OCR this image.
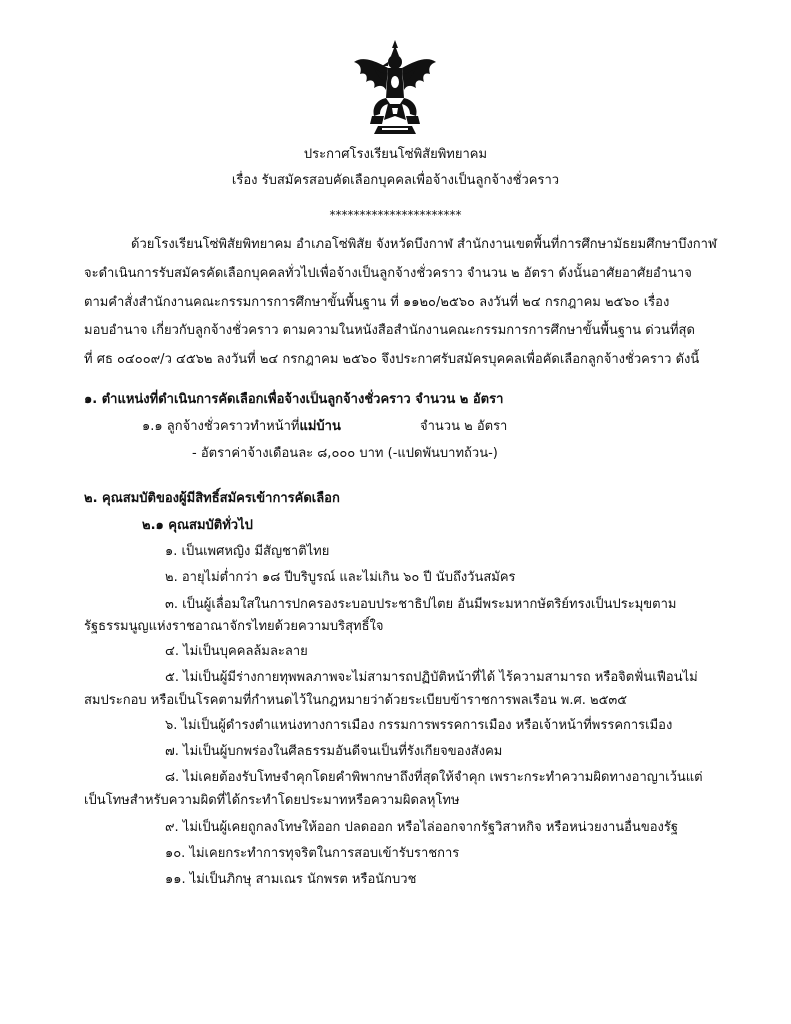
ประกาศโรงเรียนโซ่พิสัยพิทยาคม
เรื่อง รับสมัครสอบคัดเลือกบุคคลเพื่อจ้างเป็นลูกจ้างชั่วคราว
**********************
ด้วยโรงเรียนโซ่พิสัยพิทยาคม อำเภอโซ่พิสัย จังหวัดบึงกาฬ สำนักงานเขตพื้นที่การศึกษามัธยมศึกษาบึงกาฬ
จะดำเนินการรับสมัครคัดเลือกบุคคลทั่วไปเพื่อจ้างเป็นลูกจ้างชั่วคราว จำนวน ๒ อัตรา ดังนั้นอาศัยอาศัยอำนาจ
ตามคำสั่งสำนักงานคณะกรรมการการศึกษาขั้นพื้นฐาน ที่ ๑๑๒๐/๒๕๖๐ ลงวันที่ ๒๔ กรกฎาคม ๒๕๖๐ เรื่อง
มอบอำนาจ เกี่ยวกับลูกจ้างชั่วคราว ตามความในหนังสือสำนักงานคณะกรรมการการศึกษาขั้นพื้นฐาน ด่วนที่สุด
ที่ ศธ ๐๔๐๐๙/ว ๔๕๖๒ ลงวันที่ ๒๔ กรกฎาคม ๒๕๖๐ จึงประกาศรับสมัครบุคคลเพื่อคัดเลือกลูกจ้างชั่วคราว ดังนี้
๑. ตำแหน่งที่ดำเนินการคัดเลือกเพื่อจ้างเป็นลูกจ้างชั่วคราว จำนวน ๒ อัตรา
๑.๑ ลูกจ้างชั่วคราวทำหน้าที่แม่บ้าน	จำนวน ๒ อัตรา
- อัตราค่าจ้างเดือนละ ๘,๐๐๐ บาท (-แปดพันบาทถ้วน-)
๒. คุณสมบัติของผู้มีสิทธิ์สมัครเข้าการคัดเลือก
๒.๑ คุณสมบัติทั่วไป
๑. เป็นเพศหญิง มีสัญชาติไทย
๒. อายุไม่ต่ำกว่า ๑๘ ปีบริบูรณ์ และไม่เกิน ๖๐ ปี นับถึงวันสมัคร
๓. เป็นผู้เลื่อมใสในการปกครองระบอบประชาธิปไตย อันมีพระมหากษัตริย์ทรงเป็นประมุขตาม
รัฐธรรมนูญแห่งราชอาณาจักรไทยด้วยความบริสุทธิ์ใจ
๔. ไม่เป็นบุคคลล้มละลาย
๕. ไม่เป็นผู้มีร่างกายทุพพลภาพจะไม่สามารถปฏิบัติหน้าที่ได้ ไร้ความสามารถ หรือจิตฟั่นเฟือนไม่
สมประกอบ หรือเป็นโรคตามที่กำหนดไว้ในกฎหมายว่าด้วยระเบียบข้าราชการพลเรือน พ.ศ. ๒๕๓๕
๖. ไม่เป็นผู้ดำรงตำแหน่งทางการเมือง กรรมการพรรคการเมือง หรือเจ้าหน้าที่พรรคการเมือง
๗. ไม่เป็นผู้บกพร่องในศีลธรรมอันดีจนเป็นที่รังเกียจของสังคม
๘. ไม่เคยต้องรับโทษจำคุกโดยคำพิพากษาถึงที่สุดให้จำคุก เพราะกระทำความผิดทางอาญาเว้นแต่
เป็นโทษสำหรับความผิดที่ได้กระทำโดยประมาทหรือความผิดลหุโทษ
๙. ไม่เป็นผู้เคยถูกลงโทษให้ออก ปลดออก หรือไล่ออกจากรัฐวิสาหกิจ หรือหน่วยงานอื่นของรัฐ
๑๐. ไม่เคยกระทำการทุจริตในการสอบเข้ารับราชการ
๑๑. ไม่เป็นภิกษุ สามเณร นักพรต หรือนักบวช
